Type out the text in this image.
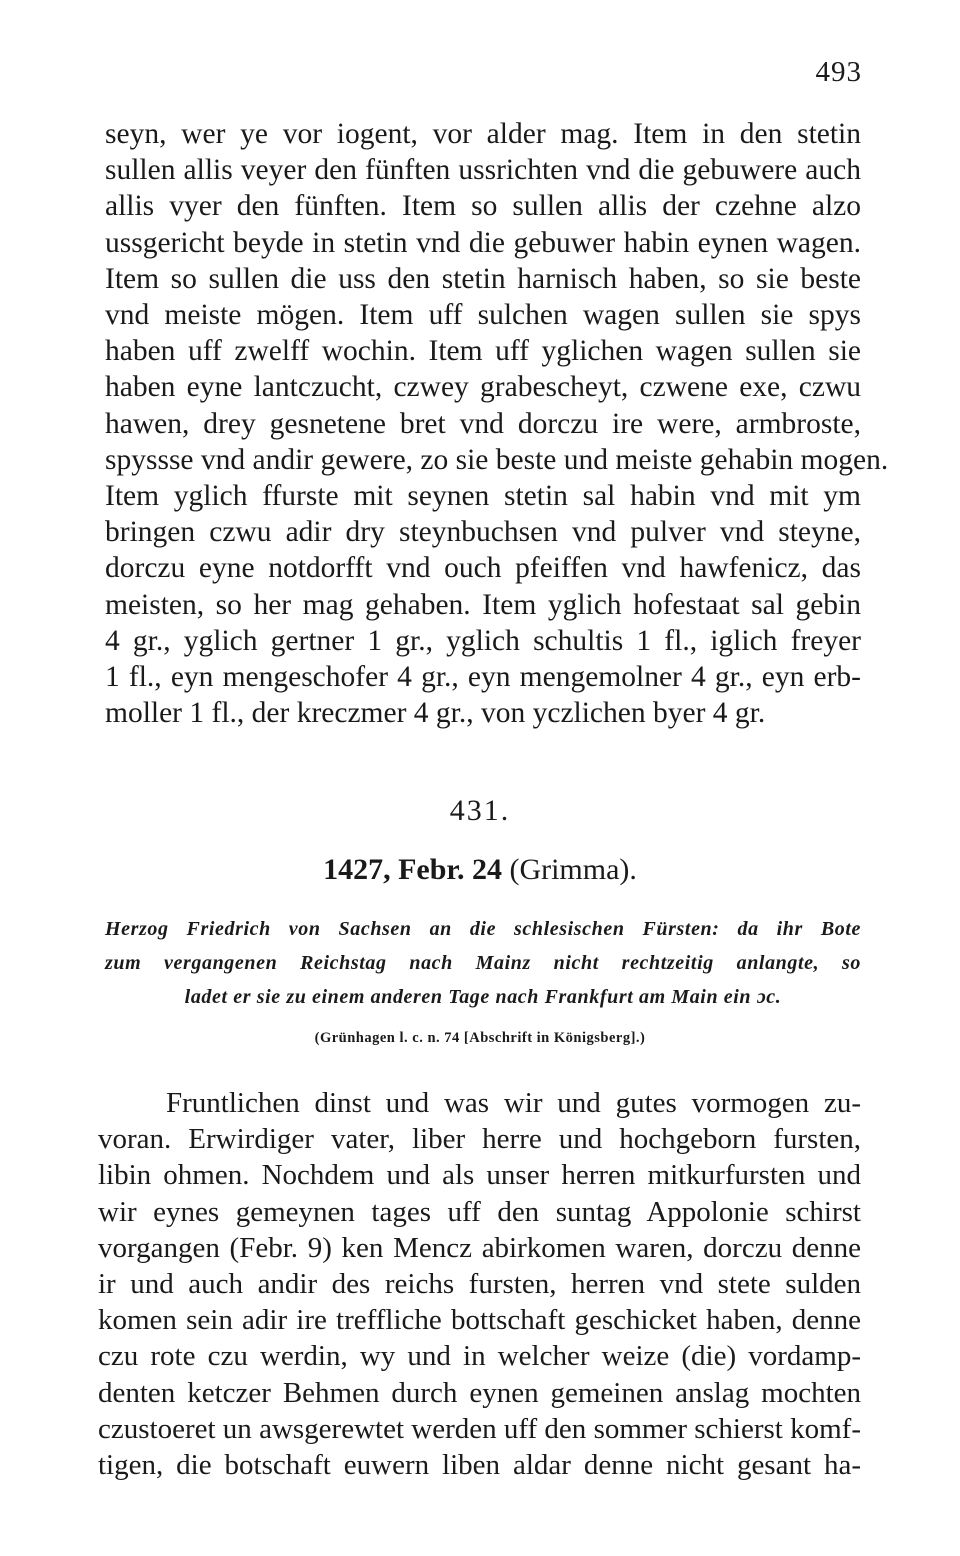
493
seyn, wer ye vor iogent, vor alder mag. Item in den stetin
sullen allis veyer den fünften ussrichten vnd die gebuwere auch
allis vyer den fünften. Item so sullen allis der czehne alzo
ussgericht beyde in stetin vnd die gebuwer habin eynen wagen.
Item so sullen die uss den stetin harnisch haben, so sie beste
vnd meiste mögen. Item uff sulchen wagen sullen sie spys
haben uff zwelff wochin. Item uff yglichen wagen sullen sie
haben eyne lantczucht, czwey grabescheyt, czwene exe, czwu
hawen, drey gesnetene bret vnd dorczu ire were, armbroste,
spyssse vnd andir gewere, zo sie beste und meiste gehabin mogen.
Item yglich ffurste mit seynen stetin sal habin vnd mit ym
bringen czwu adir dry steynbuchsen vnd pulver vnd steyne,
dorczu eyne notdorfft vnd ouch pfeiffen vnd hawfenicz, das
meisten, so her mag gehaben. Item yglich hofestaat sal gebin
4 gr., yglich gertner 1 gr., yglich schultis 1 fl., iglich freyer
1 fl., eyn mengeschofer 4 gr., eyn mengemolner 4 gr., eyn erb-
moller 1 fl., der kreczmer 4 gr., von yczlichen byer 4 gr.
431.
1427, Febr. 24 (Grimma).
Herzog Friedrich von Sachsen an die schlesischen Fürsten: da ihr Bote
zum vergangenen Reichstag nach Mainz nicht rechtzeitig anlangte, so
ladet er sie zu einem anderen Tage nach Frankfurt am Main ein ɔc.
(Grünhagen l. c. n. 74 [Abschrift in Königsberg].)
Fruntlichen dinst und was wir und gutes vormogen zu-
voran. Erwirdiger vater, liber herre und hochgeborn fursten,
libin ohmen. Nochdem und als unser herren mitkurfursten und
wir eynes gemeynen tages uff den suntag Appolonie schirst
vorgangen (Febr. 9) ken Mencz abirkomen waren, dorczu denne
ir und auch andir des reichs fursten, herren vnd stete sulden
komen sein adir ire treffliche bottschaft geschicket haben, denne
czu rote czu werdin, wy und in welcher weize (die) vordamp-
denten ketczer Behmen durch eynen gemeinen anslag mochten
czustoeret un awsgerewtet werden uff den sommer schierst komf-
tigen, die botschaft euwern liben aldar denne nicht gesant ha-
